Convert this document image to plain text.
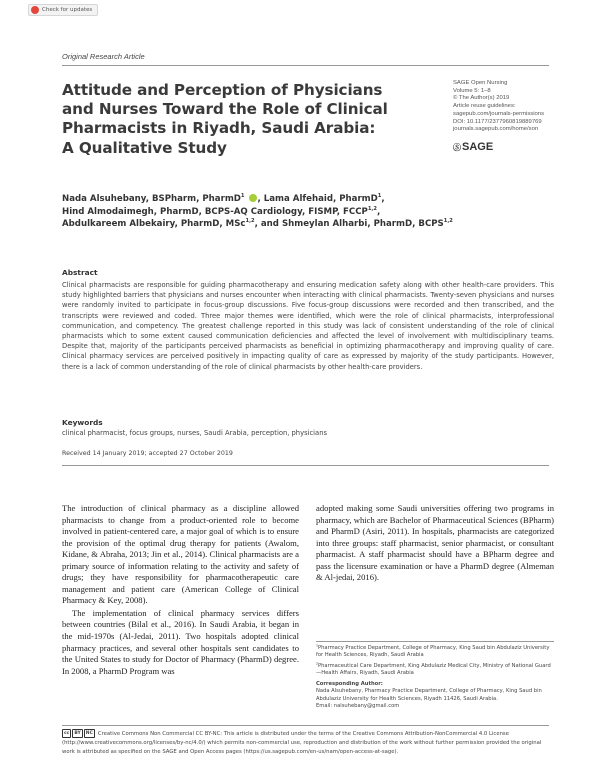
Check for updates
Original Research Article
Attitude and Perception of Physicians
and Nurses Toward the Role of Clinical
Pharmacists in Riyadh, Saudi Arabia:
A Qualitative Study
SAGE Open Nursing
Volume 5: 1–8
© The Author(s) 2019
Article reuse guidelines:
sagepub.com/journals-permissions
DOI: 10.1177/2377960819889769
journals.sagepub.com/home/son
Ⓢ SAGE
Nada Alsuhebany, BSPharm, PharmD$^1$ , Lama Alfehaid, PharmD$^1$,
Hind Almodaimegh, PharmD, BCPS-AQ Cardiology, FISMP, FCCP$^{1,2}$,
Abdulkareem Albekairy, PharmD, MSc$^{1,2}$, and Shmeylan Alharbi, PharmD, BCPS$^{1,2}$
Abstract

Clinical pharmacists are responsible for guiding pharmacotherapy and ensuring medication safety along with other health-care providers. This study highlighted barriers that physicians and nurses encounter when interacting with clinical pharmacists. Twenty-seven physicians and nurses were randomly invited to participate in focus-group discussions. Five focus-group discussions were recorded and then transcribed, and the transcripts were reviewed and coded. Three major themes were identified, which were the role of clinical pharmacists, interprofessional communication, and competency. The greatest challenge reported in this study was lack of consistent understanding of the role of clinical pharmacists which to some extent caused communication deficiencies and affected the level of involvement with multidisciplinary teams. Despite that, majority of the participants perceived pharmacists as beneficial in optimizing pharmacotherapy and improving quality of care. Clinical pharmacy services are perceived positively in impacting quality of care as expressed by majority of the study participants. However, there is a lack of common understanding of the role of clinical pharmacists by other health-care providers.

Keywords
clinical pharmacist, focus groups, nurses, Saudi Arabia, perception, physicians
Received 14 January 2019; accepted 27 October 2019

The introduction of clinical pharmacy as a discipline allowed pharmacists to change from a product-oriented role to become involved in patient-centered care, a major goal of which is to ensure the provision of the optimal drug therapy for patients (Awalom, Kidane, & Abraha, 2013; Jin et al., 2014). Clinical pharmacists are a primary source of information relating to the activity and safety of drugs; they have responsibility for pharmacotherapeutic care management and patient care (American College of Clinical Pharmacy & Key, 2008).

The implementation of clinical pharmacy services differs between countries (Bilal et al., 2016). In Saudi Arabia, it began in the mid-1970s (Al-Jedai, 2011). Two hospitals adopted clinical pharmacy practices, and several other hospitals sent candidates to the United States to study for Doctor of Pharmacy (PharmD) degree. In 2008, a PharmD Program was

adopted making some Saudi universities offering two programs in pharmacy, which are Bachelor of Pharmaceutical Sciences (BPharm) and PharmD (Asiri, 2011). In hospitals, pharmacists are categorized into three groups: staff pharmacist, senior pharmacist, or consultant pharmacist. A staff pharmacist should have a BPharm degree and pass the licensure examination or have a PharmD degree (Almeman & Al-jedai, 2016).

$^1$Pharmacy Practice Department, College of Pharmacy, King Saud bin Abdulaziz University for Health Sciences, Riyadh, Saudi Arabia

$^2$Pharmaceutical Care Department, King Abdulaziz Medical City, Ministry of National Guard—Health Affairs, Riyadh, Saudi Arabia

Corresponding Author:

Nada Alsuhebany, Pharmacy Practice Department, College of Pharmacy, King Saud bin Abdulaziz University for Health Sciences, Riyadh 11426, Saudi Arabia.

Email: nalsuhebany@gmail.com

cc	BY	NC Creative Commons Non Commercial CC BY-NC: This article is distributed under the terms of the Creative Commons Attribution-NonCommercial 4.0 License (http://www.creativecommons.org/licenses/by-nc/4.0/) which permits non-commercial use, reproduction and distribution of the work without further permission provided the original work is attributed as specified on the SAGE and Open Access pages (https://us.sagepub.com/en-us/nam/open-access-at-sage).
